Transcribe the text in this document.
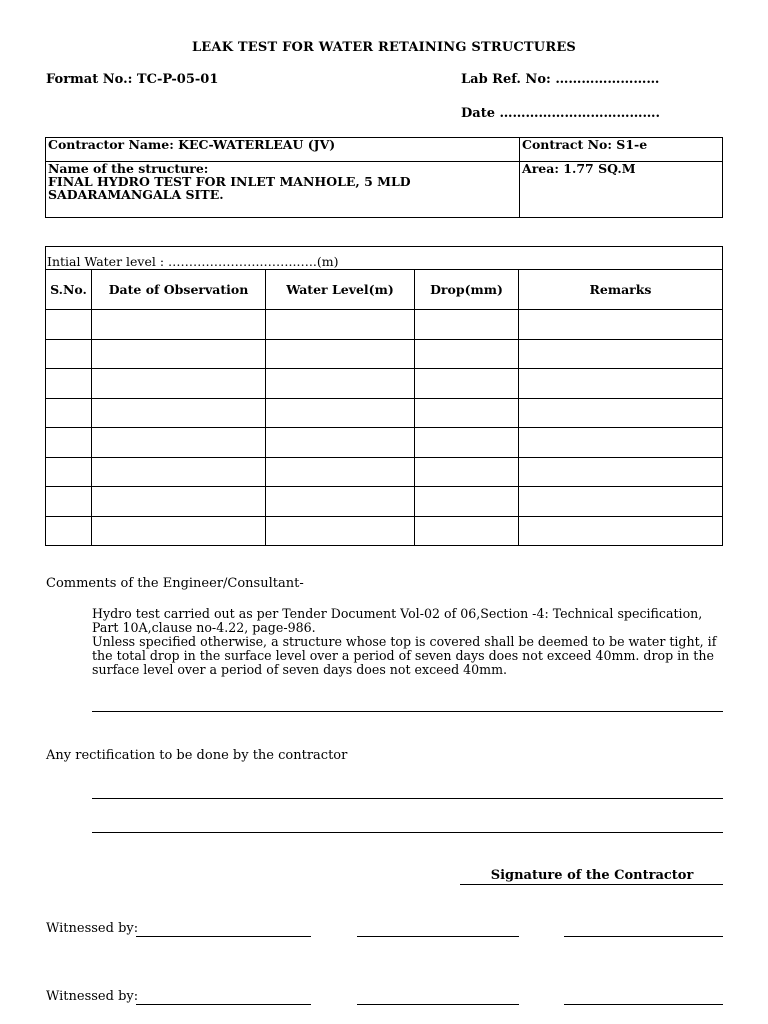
LEAK TEST FOR WATER RETAINING STRUCTURES
Format No.: TC-P-05-01	Lab Ref. No: ……………………
Date ……………………………….
Contractor Name: KEC-WATERLEAU (JV)	Contract No: S1-e

Name of the structure:
FINAL HYDRO TEST FOR INLET MANHOLE, 5 MLD SADARAMANGALA SITE.	Area: 1.77 SQ.M
Intial Water level : …………………..……..…..(m)				
S.No.	Date of Observation	Water Level(m)	Drop(mm)	Remarks

Comments of the Engineer/Consultant-
Hydro test carried out as per Tender Document Vol-02 of 06,Section -4: Technical specification, Part 10A,clause no-4.22, page-986.
Unless specified otherwise, a structure whose top is covered shall be deemed to be water tight, if the total drop in the surface level over a period of seven days does not exceed 40mm. drop in the surface level over a period of seven days does not exceed 40mm.
Any rectification to be done by the contractor
Signature of the Contractor
Witnessed by:
Witnessed by:
